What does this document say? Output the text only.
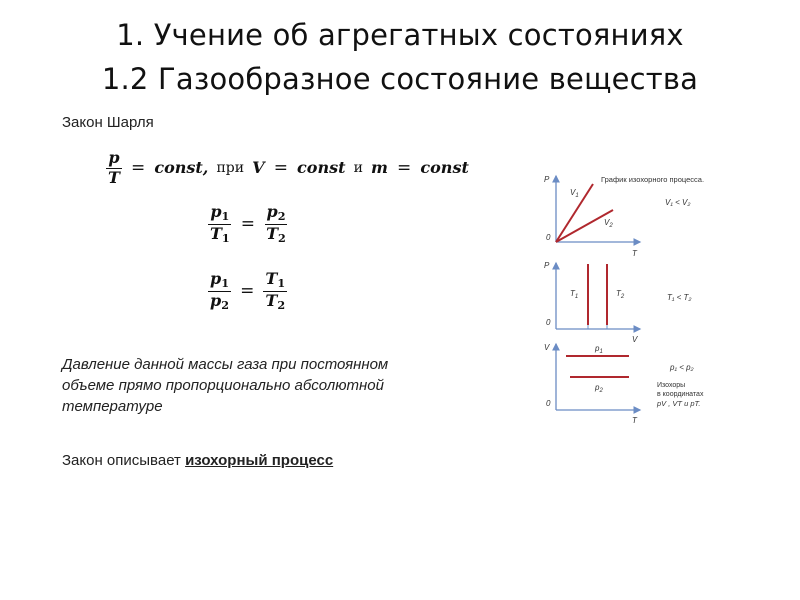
1. Учение об агрегатных состояниях
1.2 Газообразное состояние вещества
Закон Шарля
$\frac{p}{T}$ = const, при V = const и m = const
$\frac{p_1}{T_1} = \frac{p_2}{T_2}$
$\frac{p_1}{p_2} = \frac{T_1}{T_2}$
Давление данной массы газа при постоянном
объеме прямо пропорционально абсолютной
температуре
Закон описывает изохорный процесс
P
T
0
$V_1$
$V_2$
График изохорного процесса.
V₁ < V₂
P
V
0
$T_1$	$T_2$	T₁ < T₂
V
T
0
$p_1$
$p_2$
p₁ < p₂
Изохоры
в координатах
pV , VT и pT.
